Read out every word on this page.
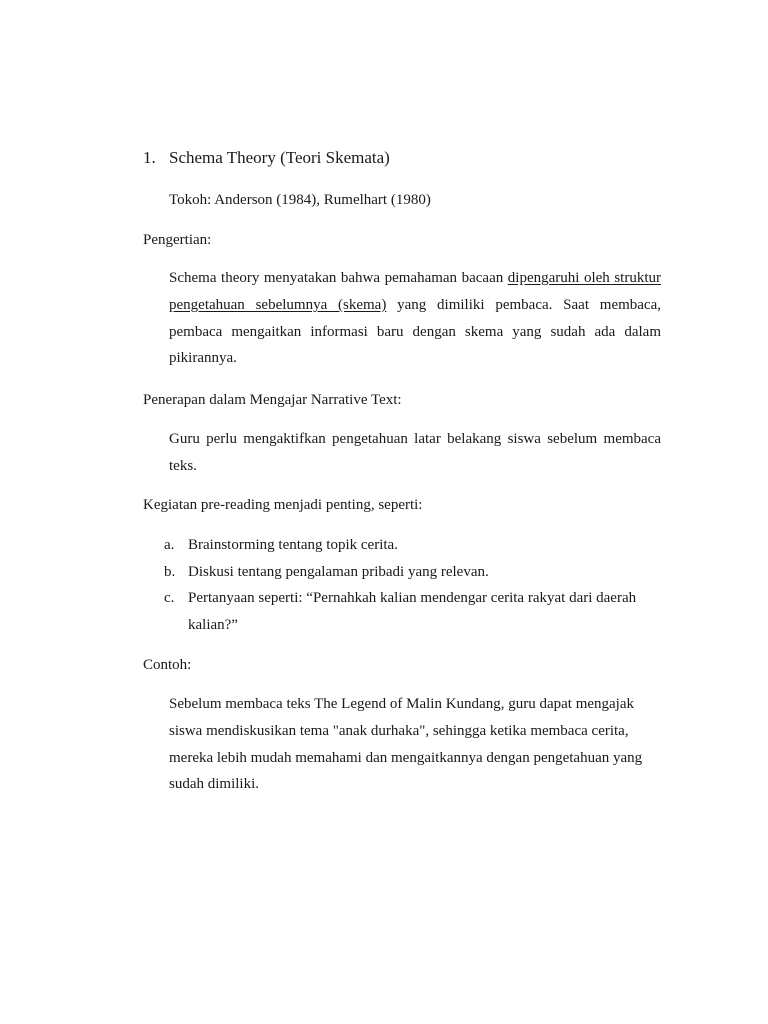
1. Schema Theory (Teori Skemata)
Tokoh: Anderson (1984), Rumelhart (1980)
Pengertian:
Schema theory menyatakan bahwa pemahaman bacaan dipengaruhi oleh struktur pengetahuan sebelumnya (skema) yang dimiliki pembaca. Saat membaca, pembaca mengaitkan informasi baru dengan skema yang sudah ada dalam pikirannya.
Penerapan dalam Mengajar Narrative Text:
Guru perlu mengaktifkan pengetahuan latar belakang siswa sebelum membaca teks.
Kegiatan pre-reading menjadi penting, seperti:
a. Brainstorming tentang topik cerita.
b. Diskusi tentang pengalaman pribadi yang relevan.
c. Pertanyaan seperti: “Pernahkah kalian mendengar cerita rakyat dari daerah kalian?”
Contoh:
Sebelum membaca teks The Legend of Malin Kundang, guru dapat mengajak siswa mendiskusikan tema "anak durhaka", sehingga ketika membaca cerita, mereka lebih mudah memahami dan mengaitkannya dengan pengetahuan yang sudah dimiliki.
